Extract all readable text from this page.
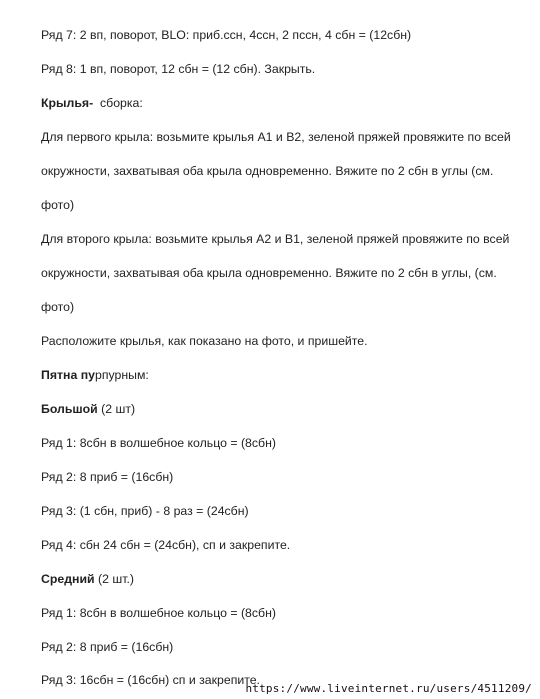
Ряд 7: 2 вп, поворот, BLO: приб.ссн, 4ссн, 2 пссн, 4 сбн = (12сбн)
Ряд 8: 1 вп, поворот, 12 сбн = (12 сбн). Закрыть.
Крылья-  сборка:
Для первого крыла: возьмите крылья A1 и B2, зеленой пряжей провяжите по всей
окружности, захватывая оба крыла одновременно. Вяжите по 2 сбн в углы (см.
фото)
Для второго крыла: возьмите крылья А2 и В1, зеленой пряжей провяжите по всей
окружности, захватывая оба крыла одновременно. Вяжите по 2 сбн в углы, (см.
фото)
Расположите крылья, как показано на фото, и пришейте.
Пятна пурпурным:
Большой (2 шт)
Ряд 1: 8сбн в волшебное кольцо = (8сбн)
Ряд 2: 8 приб = (16сбн)
Ряд 3: (1 сбн, приб) - 8 раз = (24сбн)
Ряд 4: сбн 24 сбн = (24сбн), сп и закрепите.
Средний (2 шт.)
Ряд 1: 8сбн в волшебное кольцо = (8сбн)
Ряд 2: 8 приб = (16сбн)
Ряд 3: 16сбн = (16сбн) сп и закрепите.
https://www.liveinternet.ru/users/4511209/
